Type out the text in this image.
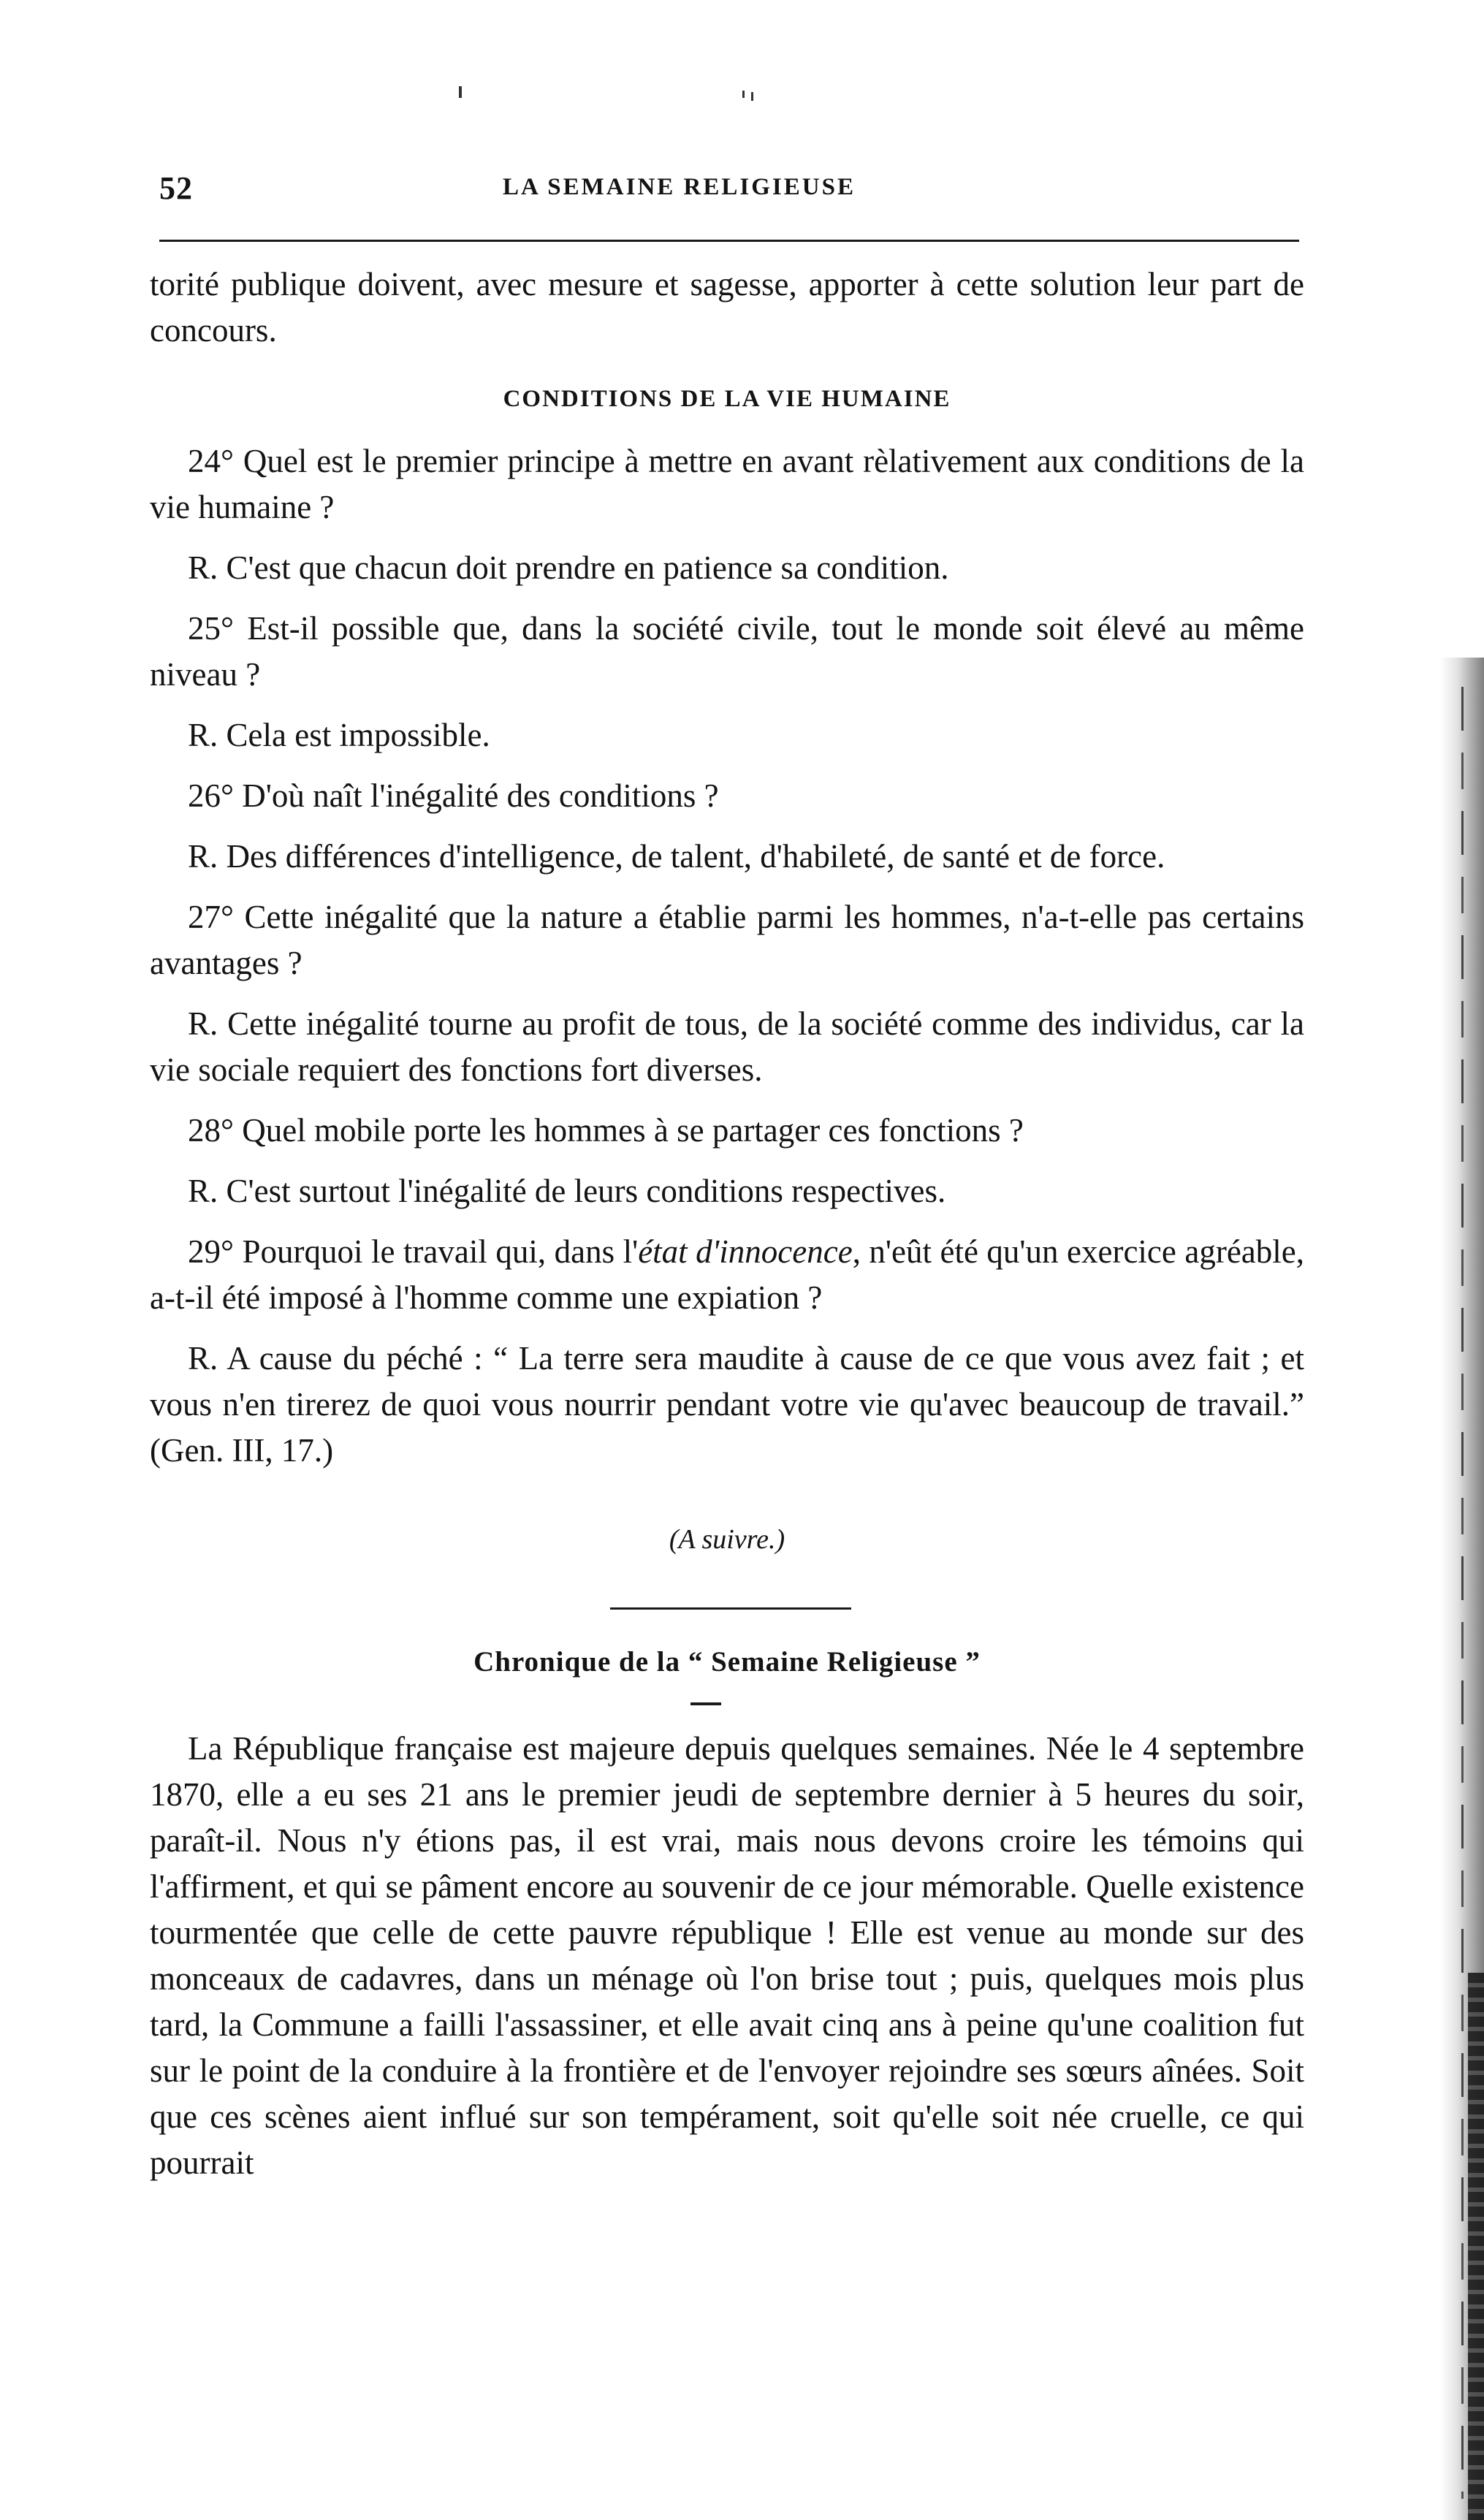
52	LA SEMAINE RELIGIEUSE

torité publique doivent, avec mesure et sagesse, apporter à cette solution leur part de concours.

CONDITIONS DE LA VIE HUMAINE

24° Quel est le premier principe à mettre en avant rèlativement aux conditions de la vie humaine ?

R. C'est que chacun doit prendre en patience sa condition.

25° Est-il possible que, dans la société civile, tout le monde soit élevé au même niveau ?

R. Cela est impossible.

26° D'où naît l'inégalité des conditions ?

R. Des différences d'intelligence, de talent, d'habileté, de santé et de force.

27° Cette inégalité que la nature a établie parmi les hommes, n'a-t-elle pas certains avantages ?

R. Cette inégalité tourne au profit de tous, de la société comme des individus, car la vie sociale requiert des fonctions fort diverses.

28° Quel mobile porte les hommes à se partager ces fonctions ?

R. C'est surtout l'inégalité de leurs conditions respectives.

29° Pourquoi le travail qui, dans l'état d'innocence, n'eût été qu'un exercice agréable, a-t-il été imposé à l'homme comme une expiation ?

R. A cause du péché : “ La terre sera maudite à cause de ce que vous avez fait ; et vous n'en tirerez de quoi vous nourrir pendant votre vie qu'avec beaucoup de travail.” (Gen. III, 17.)

(A suivre.)
Chronique de la “ Semaine Religieuse ”

La République française est majeure depuis quelques semaines. Née le 4 septembre 1870, elle a eu ses 21 ans le premier jeudi de septembre dernier à 5 heures du soir, paraît-il. Nous n'y étions pas, il est vrai, mais nous devons croire les témoins qui l'affirment, et qui se pâment encore au souvenir de ce jour mémorable. Quelle existence tourmentée que celle de cette pauvre république ! Elle est venue au monde sur des monceaux de cadavres, dans un ménage où l'on brise tout ; puis, quelques mois plus tard, la Commune a failli l'assassiner, et elle avait cinq ans à peine qu'une coalition fut sur le point de la conduire à la frontière et de l'envoyer rejoindre ses sœurs aînées. Soit que ces scènes aient influé sur son tempérament, soit qu'elle soit née cruelle, ce qui pourrait
